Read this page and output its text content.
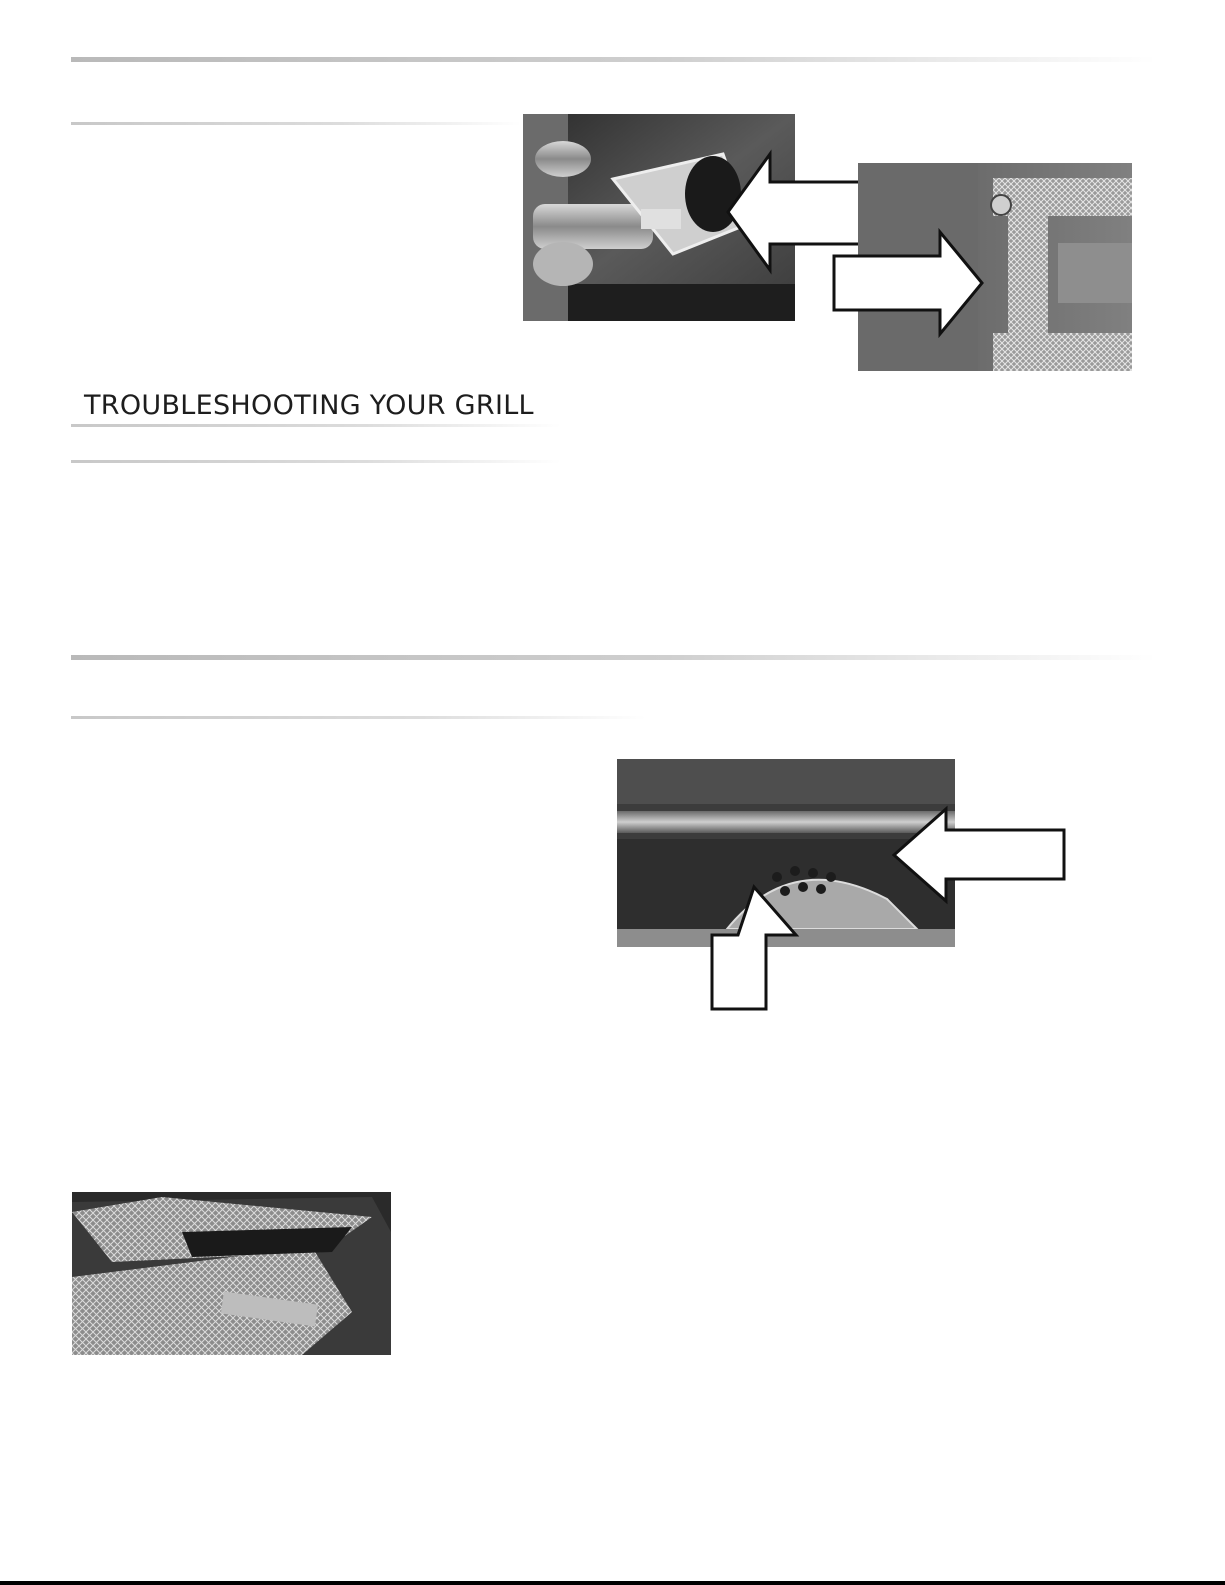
TROUBLESHOOTING YOUR GRILL
